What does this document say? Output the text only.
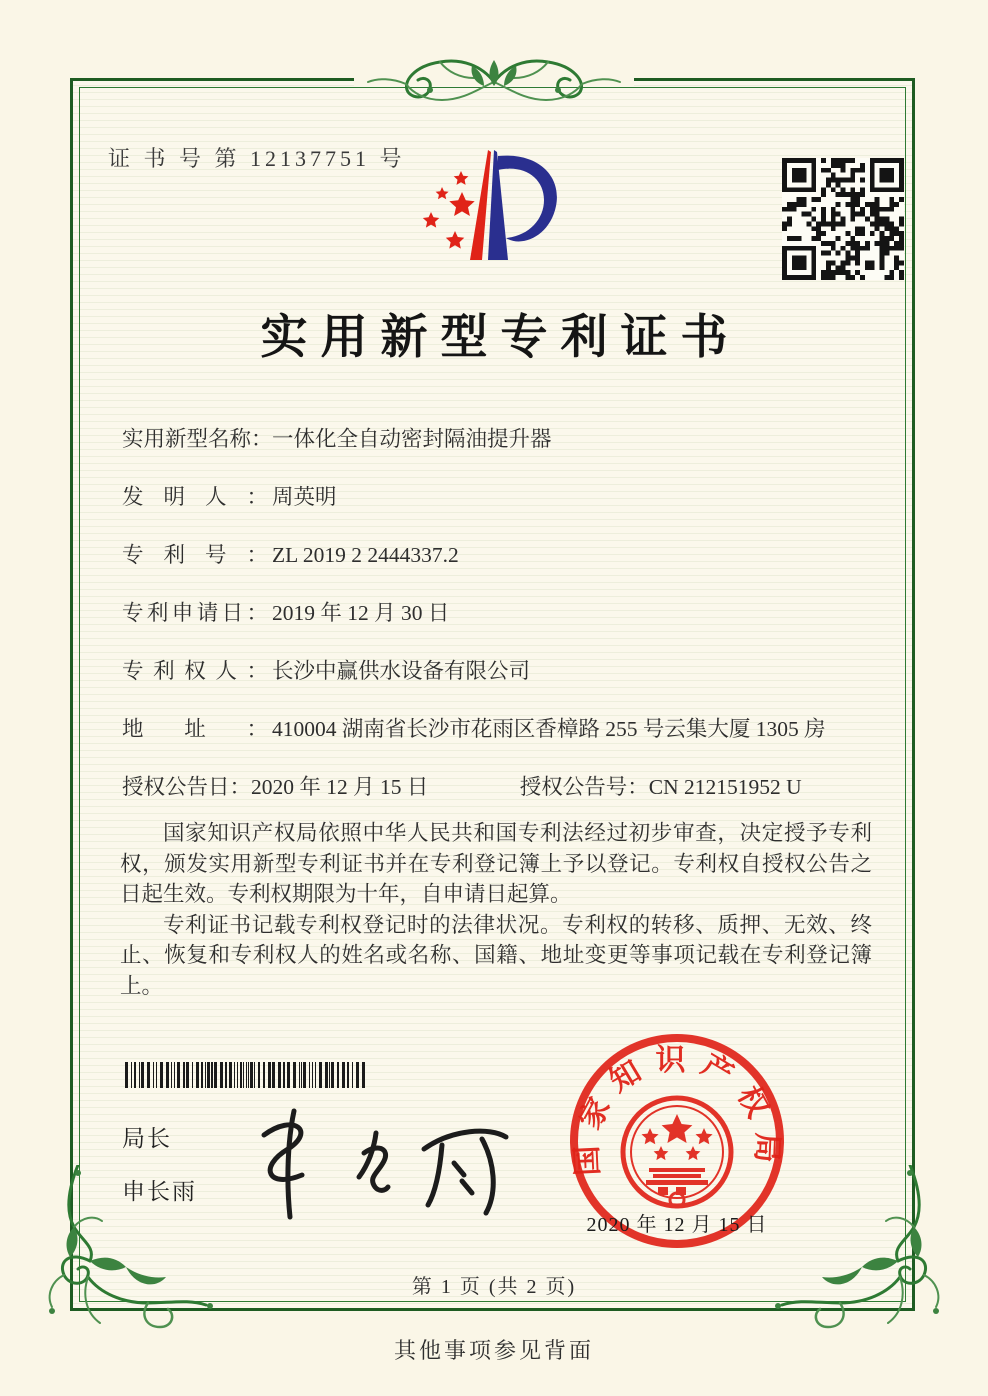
证 书 号 第 12137751 号
实用新型专利证书
实用新型名称：一体化全自动密封隔油提升器
发明人： 周英明
专利号： ZL 2019 2 2444337.2
专利申请日： 2019 年 12 月 30 日
专利权人： 长沙中赢供水设备有限公司
地址： 410004 湖南省长沙市花雨区香樟路 255 号云集大厦 1305 房
授权公告日：2020 年 12 月 15 日	授权公告号：CN 212151952 U

国家知识产权局依照中华人民共和国专利法经过初步审查，决定授予专利权，颁发实用新型专利证书并在专利登记簿上予以登记。专利权自授权公告之日起生效。专利权期限为十年，自申请日起算。

专利证书记载专利权登记时的法律状况。专利权的转移、质押、无效、终止、恢复和专利权人的姓名或名称、国籍、地址变更等事项记载在专利登记簿上。

局长
申长雨
国家知识产权局
2020 年 12 月 15 日
第 1 页 (共 2 页)
其他事项参见背面
